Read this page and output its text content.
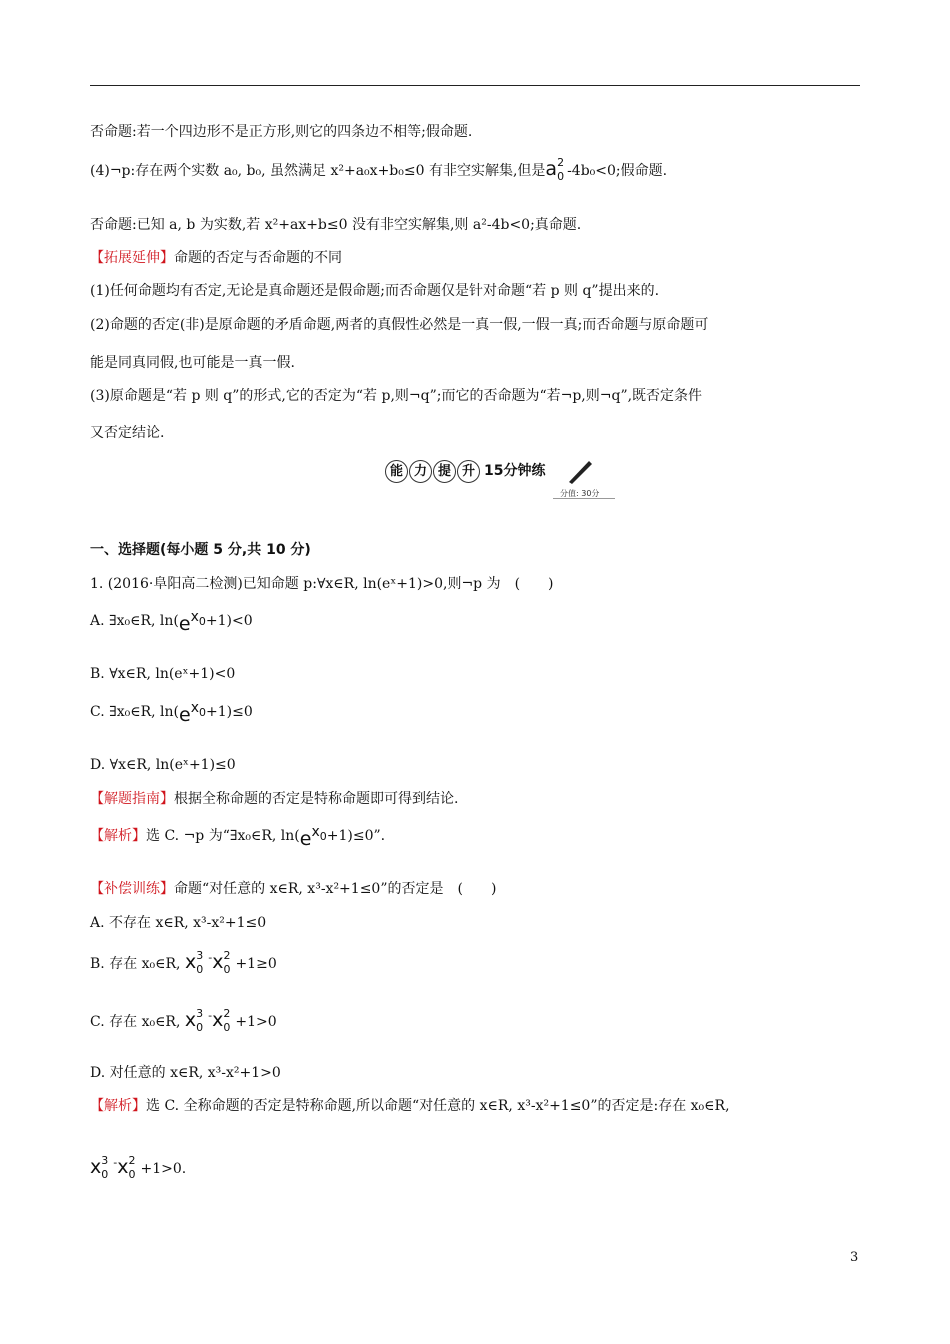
否命题:若一个四边形不是正方形,则它的四条边不相等;假命题.
(4)¬p:存在两个实数 a₀, b₀, 虽然满足 x²+a₀x+b₀≤0 有非空实解集,但是a 2
0 -4b₀<0;假命题.
否命题:已知 a, b 为实数,若 x²+ax+b≤0 没有非空实解集,则 a²-4b<0;真命题.
【拓展延伸】命题的否定与否命题的不同
(1)任何命题均有否定,无论是真命题还是假命题;而否命题仅是针对命题“若 p 则 q”提出来的.
(2)命题的否定(非)是原命题的矛盾命题,两者的真假性必然是一真一假,一假一真;而否命题与原命题可
能是同真同假,也可能是一真一假.
(3)原命题是“若 p 则 q”的形式,它的否定为“若 p,则¬q”;而它的否命题为“若¬p,则¬q”,既否定条件
又否定结论.
能 力 提 升 15分钟练
分值: 30分
一、选择题(每小题 5 分,共 10 分)
1. (2016·阜阳高二检测)已知命题 p:∀x∈R, ln(eˣ+1)>0,则¬p 为　(　　)
A. ∃x₀∈R, ln(ex0+1)<0
B. ∀x∈R, ln(eˣ+1)<0
C. ∃x₀∈R, ln(ex0+1)≤0
D. ∀x∈R, ln(eˣ+1)≤0
【解题指南】根据全称命题的否定是特称命题即可得到结论.
【解析】选 C. ¬p 为“∃x₀∈R, ln(ex0+1)≤0”.
【补偿训练】命题“对任意的 x∈R, x³-x²+1≤0”的否定是　(　　)
A. 不存在 x∈R, x³-x²+1≤0
B. 存在 x₀∈R, x 3
0
-x 2
0 +1≥0
C. 存在 x₀∈R, x 3
0
-x 2
0 +1>0
D. 对任意的 x∈R, x³-x²+1>0
【解析】选 C. 全称命题的否定是特称命题,所以命题“对任意的 x∈R, x³-x²+1≤0”的否定是:存在 x₀∈R,
x 3
0
-x 2
0 +1>0.
3
